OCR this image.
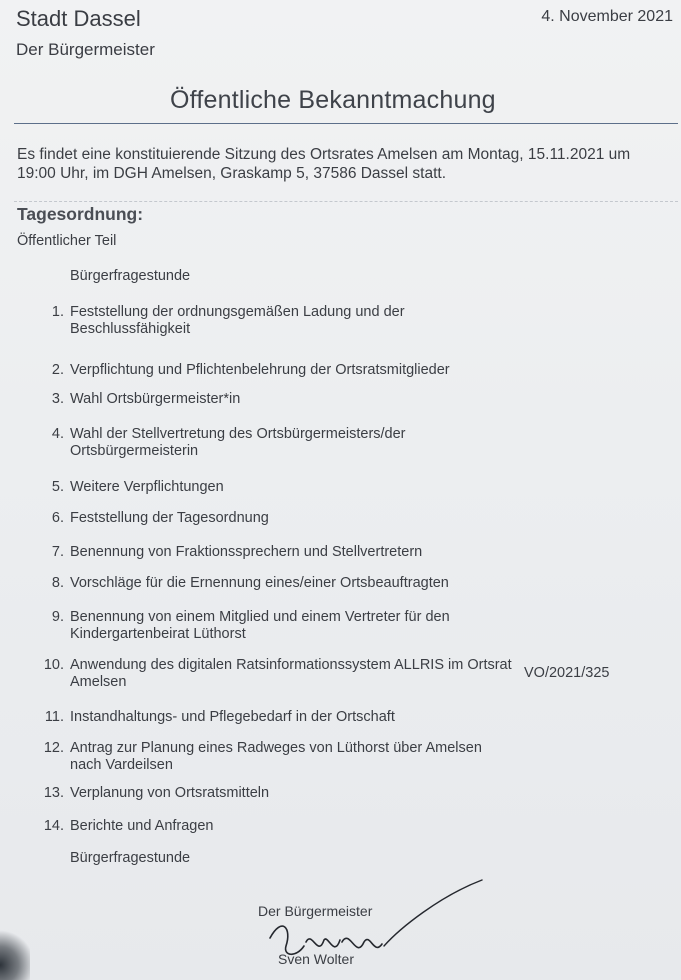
Stadt Dassel
Der Bürgermeister
4. November 2021
Öffentliche Bekanntmachung
Es findet eine konstituierende Sitzung des Ortsrates Amelsen am Montag, 15.11.2021 um 19:00 Uhr, im DGH Amelsen, Graskamp 5, 37586 Dassel statt.
Tagesordnung:
Öffentlicher Teil
Bürgerfragestunde
1. Feststellung der ordnungsgemäßen Ladung und der
Beschlussfähigkeit
2. Verpflichtung und Pflichtenbelehrung der Ortsratsmitglieder
3. Wahl Ortsbürgermeister*in
4. Wahl der Stellvertretung des Ortsbürgermeisters/der
Ortsbürgermeisterin
5. Weitere Verpflichtungen
6. Feststellung der Tagesordnung
7. Benennung von Fraktionssprechern und Stellvertretern
8. Vorschläge für die Ernennung eines/einer Ortsbeauftragten
9. Benennung von einem Mitglied und einem Vertreter für den
Kindergartenbeirat Lüthorst
10. Anwendung des digitalen Ratsinformationssystem ALLRIS im Ortsrat
Amelsen
VO/2021/325
11. Instandhaltungs- und Pflegebedarf in der Ortschaft
12. Antrag zur Planung eines Radweges von Lüthorst über Amelsen
nach Vardeilsen
13. Verplanung von Ortsratsmitteln
14. Berichte und Anfragen
Bürgerfragestunde
Der Bürgermeister
Sven Wolter
